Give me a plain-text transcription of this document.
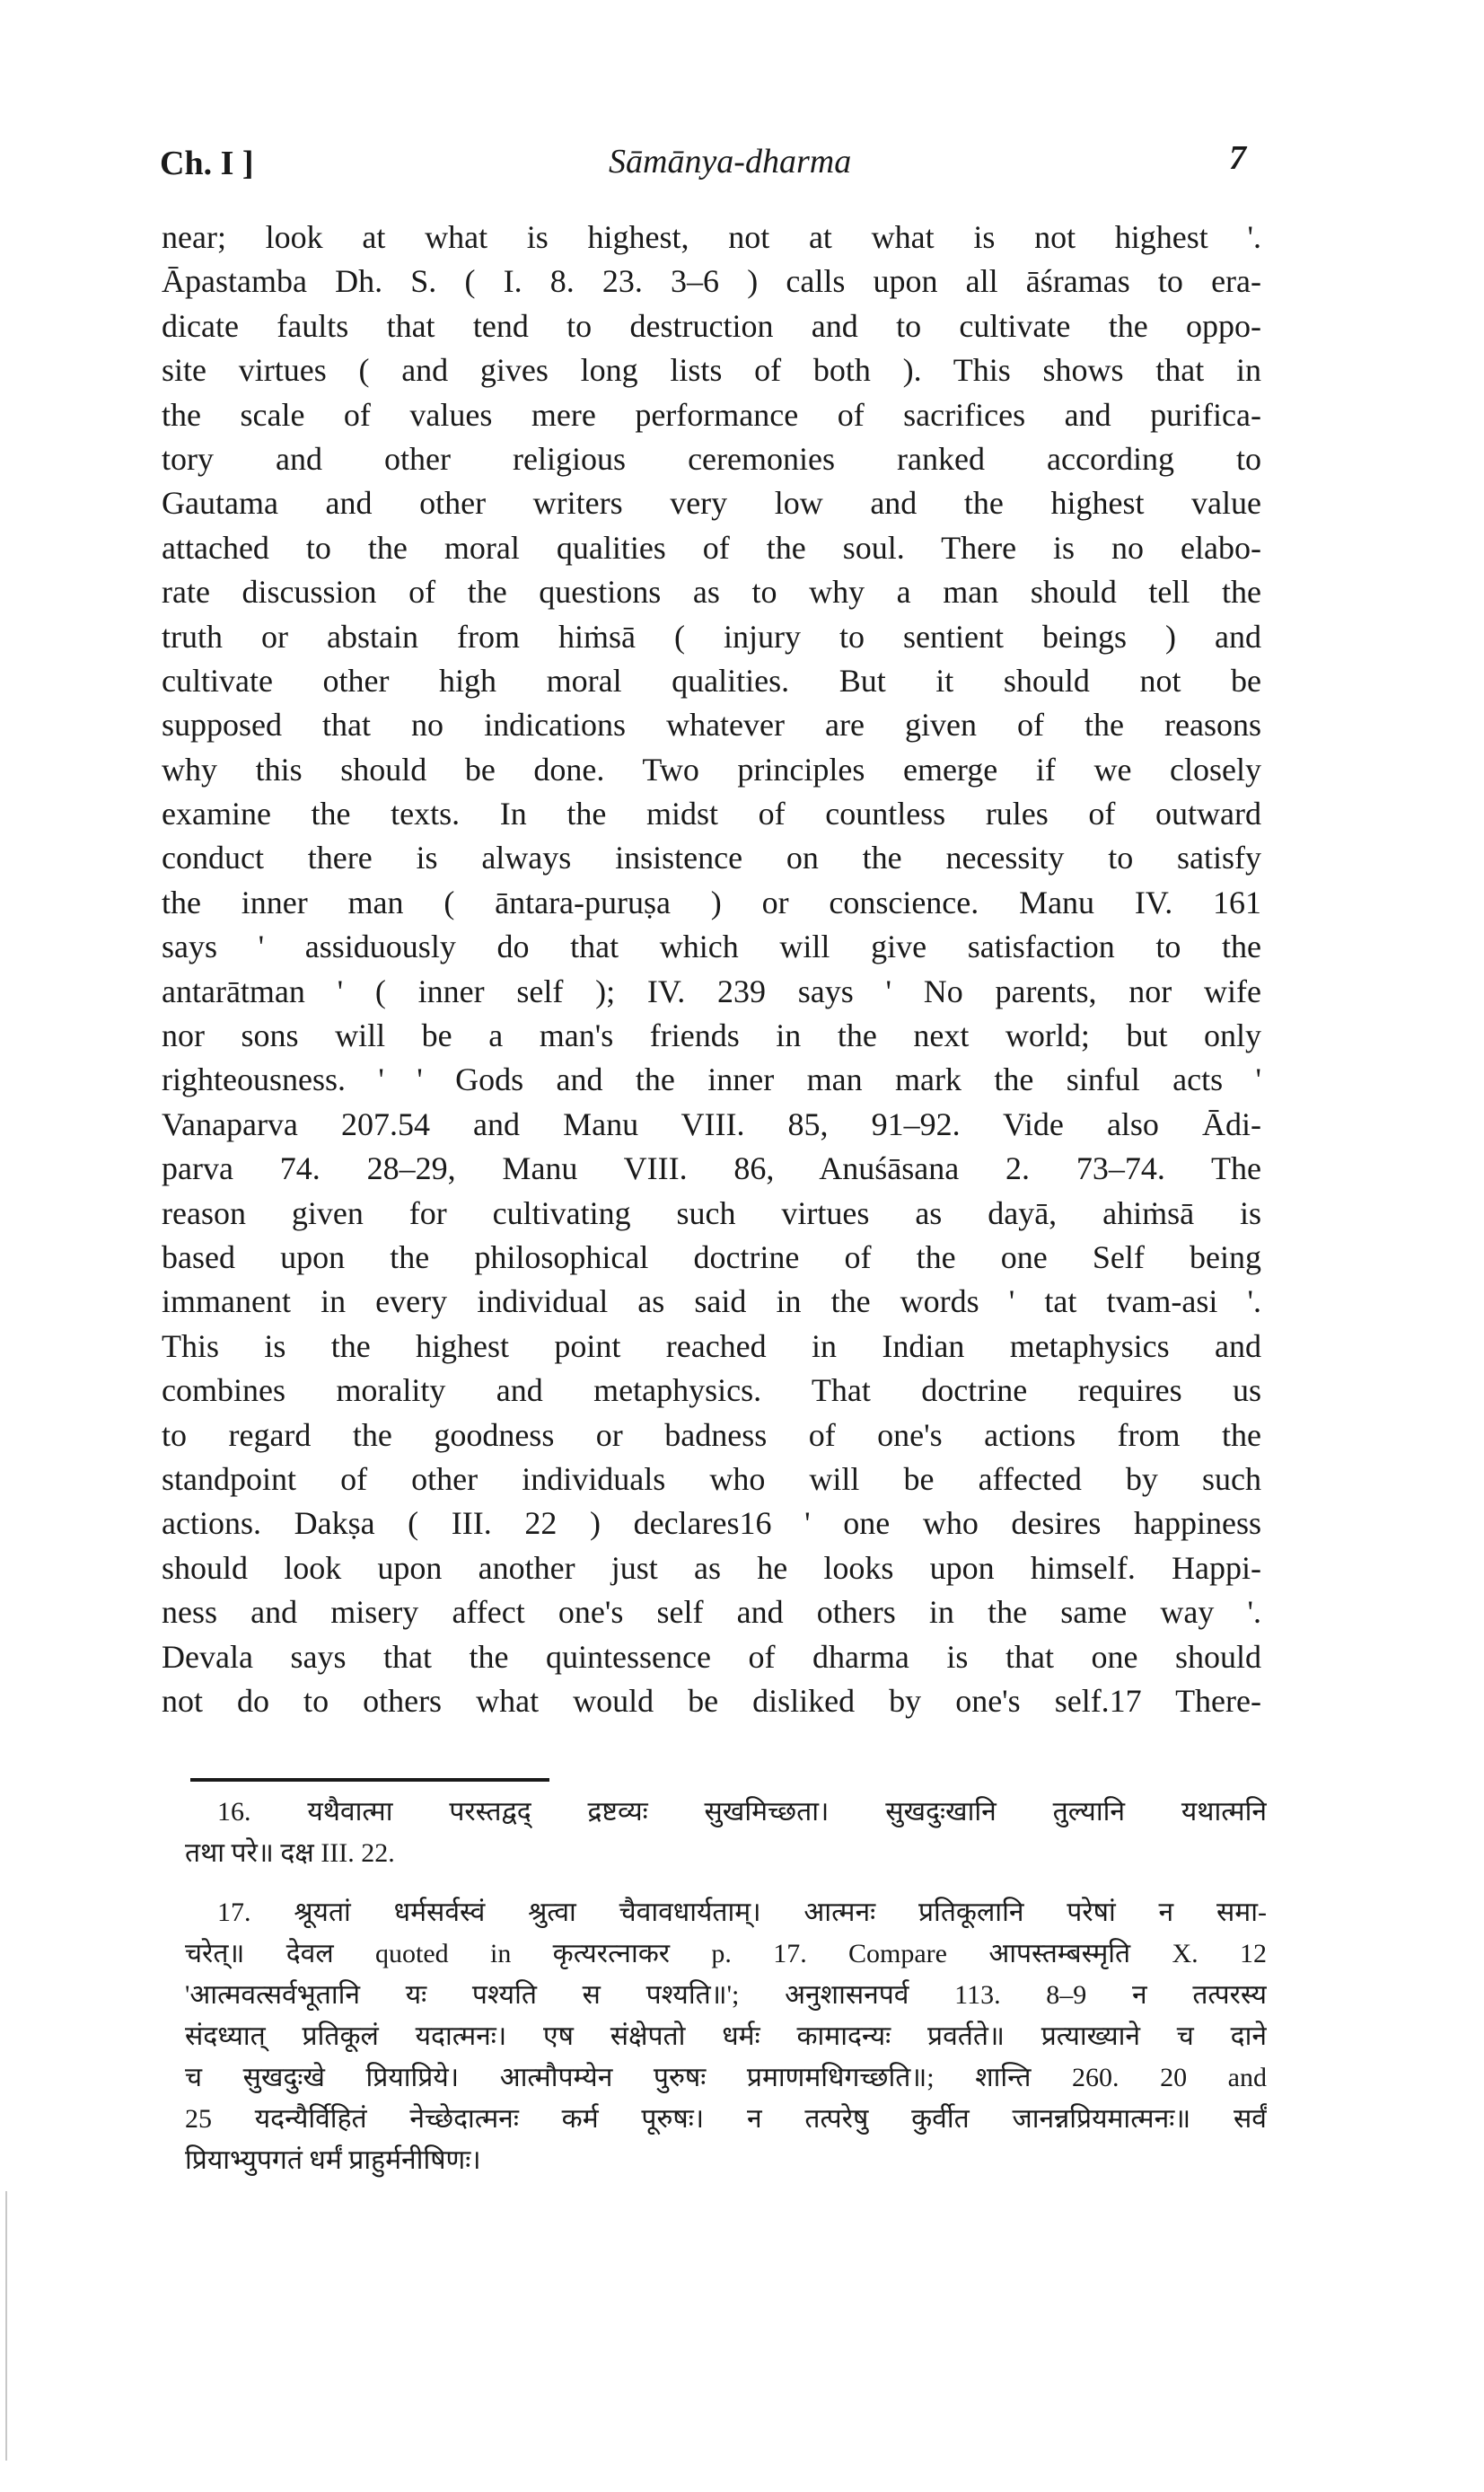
Ch. I ]	Sāmānya-dharma	7
near; look at what is highest, not at what is not highest '.
Āpastamba Dh. S. ( I. 8. 23. 3–6 ) calls upon all āśramas to era-
dicate faults that tend to destruction and to cultivate the oppo-
site virtues ( and gives long lists of both ). This shows that in
the scale of values mere performance of sacrifices and purifica-
tory and other religious ceremonies ranked according to
Gautama and other writers very low and the highest value
attached to the moral qualities of the soul. There is no elabo-
rate discussion of the questions as to why a man should tell the
truth or abstain from hiṁsā ( injury to sentient beings ) and
cultivate other high moral qualities. But it should not be
supposed that no indications whatever are given of the reasons
why this should be done. Two principles emerge if we closely
examine the texts. In the midst of countless rules of outward
conduct there is always insistence on the necessity to satisfy
the inner man ( āntara-puruṣa ) or conscience. Manu IV. 161
says ' assiduously do that which will give satisfaction to the
antarātman ' ( inner self ); IV. 239 says ' No parents, nor wife
nor sons will be a man's friends in the next world; but only
righteousness. ' ' Gods and the inner man mark the sinful acts '
Vanaparva 207.54 and Manu VIII. 85, 91–92. Vide also Ādi-
parva 74. 28–29, Manu VIII. 86, Anuśāsana 2. 73–74. The
reason given for cultivating such virtues as dayā, ahiṁsā is
based upon the philosophical doctrine of the one Self being
immanent in every individual as said in the words ' tat tvam-asi '.
This is the highest point reached in Indian metaphysics and
combines morality and metaphysics. That doctrine requires us
to regard the goodness or badness of one's actions from the
standpoint of other individuals who will be affected by such
actions. Dakṣa ( III. 22 ) declares16 ' one who desires happiness
should look upon another just as he looks upon himself. Happi-
ness and misery affect one's self and others in the same way '.
Devala says that the quintessence of dharma is that one should
not do to others what would be disliked by one's self.17 There-
16. यथैवात्मा परस्तद्वद् द्रष्टव्यः सुखमिच्छता। सुखदुःखानि तुल्यानि यथात्मनि
तथा परे॥ दक्ष III. 22.
17. श्रूयतां धर्मसर्वस्वं श्रुत्वा चैवावधार्यताम्। आत्मनः प्रतिकूलानि परेषां न समा-
चरेत्॥ देवल quoted in कृत्यरत्नाकर p. 17. Compare आपस्तम्बस्मृति X. 12
'आत्मवत्सर्वभूतानि यः पश्यति स पश्यति॥'; अनुशासनपर्व 113. 8–9 न तत्परस्य
संदध्यात् प्रतिकूलं यदात्मनः। एष संक्षेपतो धर्मः कामादन्यः प्रवर्तते॥ प्रत्याख्याने च दाने
च सुखदुःखे प्रियाप्रिये। आत्मौपम्येन पुरुषः प्रमाणमधिगच्छति॥; शान्ति 260. 20 and
25 यदन्यैर्विहितं नेच्छेदात्मनः कर्म पूरुषः। न तत्परेषु कुर्वीत जानन्नप्रियमात्मनः॥ सर्वं
प्रियाभ्युपगतं धर्मं प्राहुर्मनीषिणः।
